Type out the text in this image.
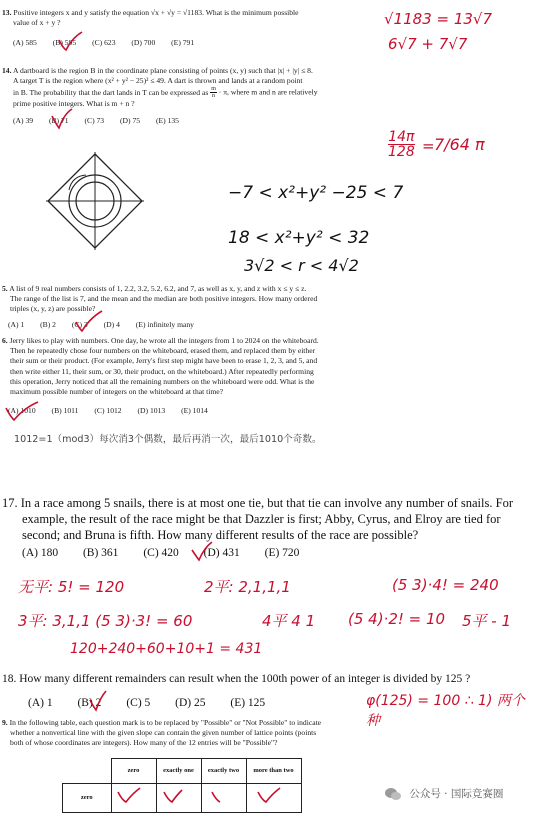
13. Positive integers x and y satisfy the equation √x + √y = √1183. What is the minimum possible
value of x + y ?
(A) 585 (B) 595 (C) 623 (D) 700 (E) 791
√1183 = 13√7
6√7 + 7√7
14. A dartboard is the region B in the coordinate plane consisting of points (x, y) such that |x| + |y| ≤ 8.
A target T is the region where (x² + y² − 25)² ≤ 49. A dart is thrown and lands at a random point
in B. The probability that the dart lands in T can be expressed as $\frac{m}{n} \cdot \pi$, where m and n are relatively
prime positive integers. What is m + n ?
(A) 39 (B) 71 (C) 73 (D) 75 (E) 135
14π
128 = 7/64 π
−7 < x²+y² −25 < 7
18 < x²+y² < 32
3√2 < r < 4√2
5. A list of 9 real numbers consists of 1, 2.2, 3.2, 5.2, 6.2, and 7, as well as x, y, and z with x ≤ y ≤ z.
The range of the list is 7, and the mean and the median are both positive integers. How many ordered
triples (x, y, z) are possible?
(A) 1 (B) 2 (C) 3 (D) 4 (E) infinitely many
6. Jerry likes to play with numbers. One day, he wrote all the integers from 1 to 2024 on the whiteboard.
Then he repeatedly chose four numbers on the whiteboard, erased them, and replaced them by either
their sum or their product. (For example, Jerry's first step might have been to erase 1, 2, 3, and 5, and
then write either 11, their sum, or 30, their product, on the whiteboard.) After repeatedly performing
this operation, Jerry noticed that all the remaining numbers on the whiteboard were odd. What is the
maximum possible number of integers on the whiteboard at that time?
(A) 1010 (B) 1011 (C) 1012 (D) 1013 (E) 1014
1012=1（mod3）每次消3个偶数，最后再消一次，最后1010个奇数。
17. In a race among 5 snails, there is at most one tie, but that tie can involve any number of snails. For
example, the result of the race might be that Dazzler is first; Abby, Cyrus, and Elroy are tied for
second; and Bruna is fifth. How many different results of the race are possible?
(A) 180 (B) 361 (C) 420 (D) 431 (E) 720
无平: 5! = 120	2平: 2,1,1,1	(5 3)·4! = 240
3平: 3,1,1 (5 3)·3! = 60	4平 4 1 (5 4)·2! = 10 5平 - 1
120+240+60+10+1 = 431
18. How many different remainders can result when the 100th power of an integer is divided by 125 ?
(A) 1 (B) 2 (C) 5 (D) 25 (E) 125	φ(125) = 100 ∴ 1) 两个种
9. In the following table, each question mark is to be replaced by "Possible" or "Not Possible" to indicate
whether a nonvertical line with the given slope can contain the given number of lattice points (points
both of whose coordinates are integers). How many of the 12 entries will be "Possible"?
	zero	exactly one	exactly two	more than two
zero					公众号 · 国际竞赛圈
